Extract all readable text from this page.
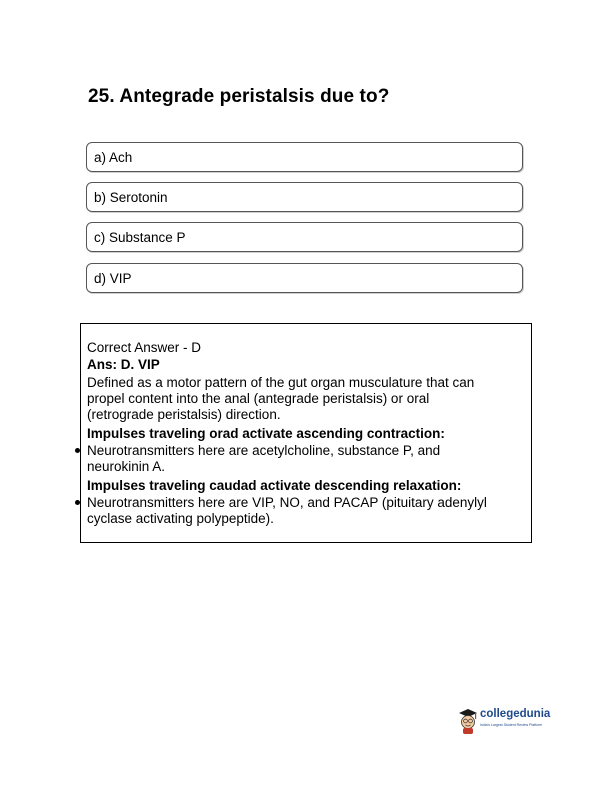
25. Antegrade peristalsis due to?
a) Ach
b) Serotonin
c) Substance P
d) VIP
Correct Answer - D
Ans: D. VIP
Defined as a motor pattern of the gut organ musculature that can
propel content into the anal (antegrade peristalsis) or oral
(retrograde peristalsis) direction.
Impulses traveling orad activate ascending contraction:
Neurotransmitters here are acetylcholine, substance P, and
neurokinin A.
Impulses traveling caudad activate descending relaxation:
Neurotransmitters here are VIP, NO, and PACAP (pituitary adenylyl
cyclase activating polypeptide).
collegedunia
India's Largest Student Review Platform
